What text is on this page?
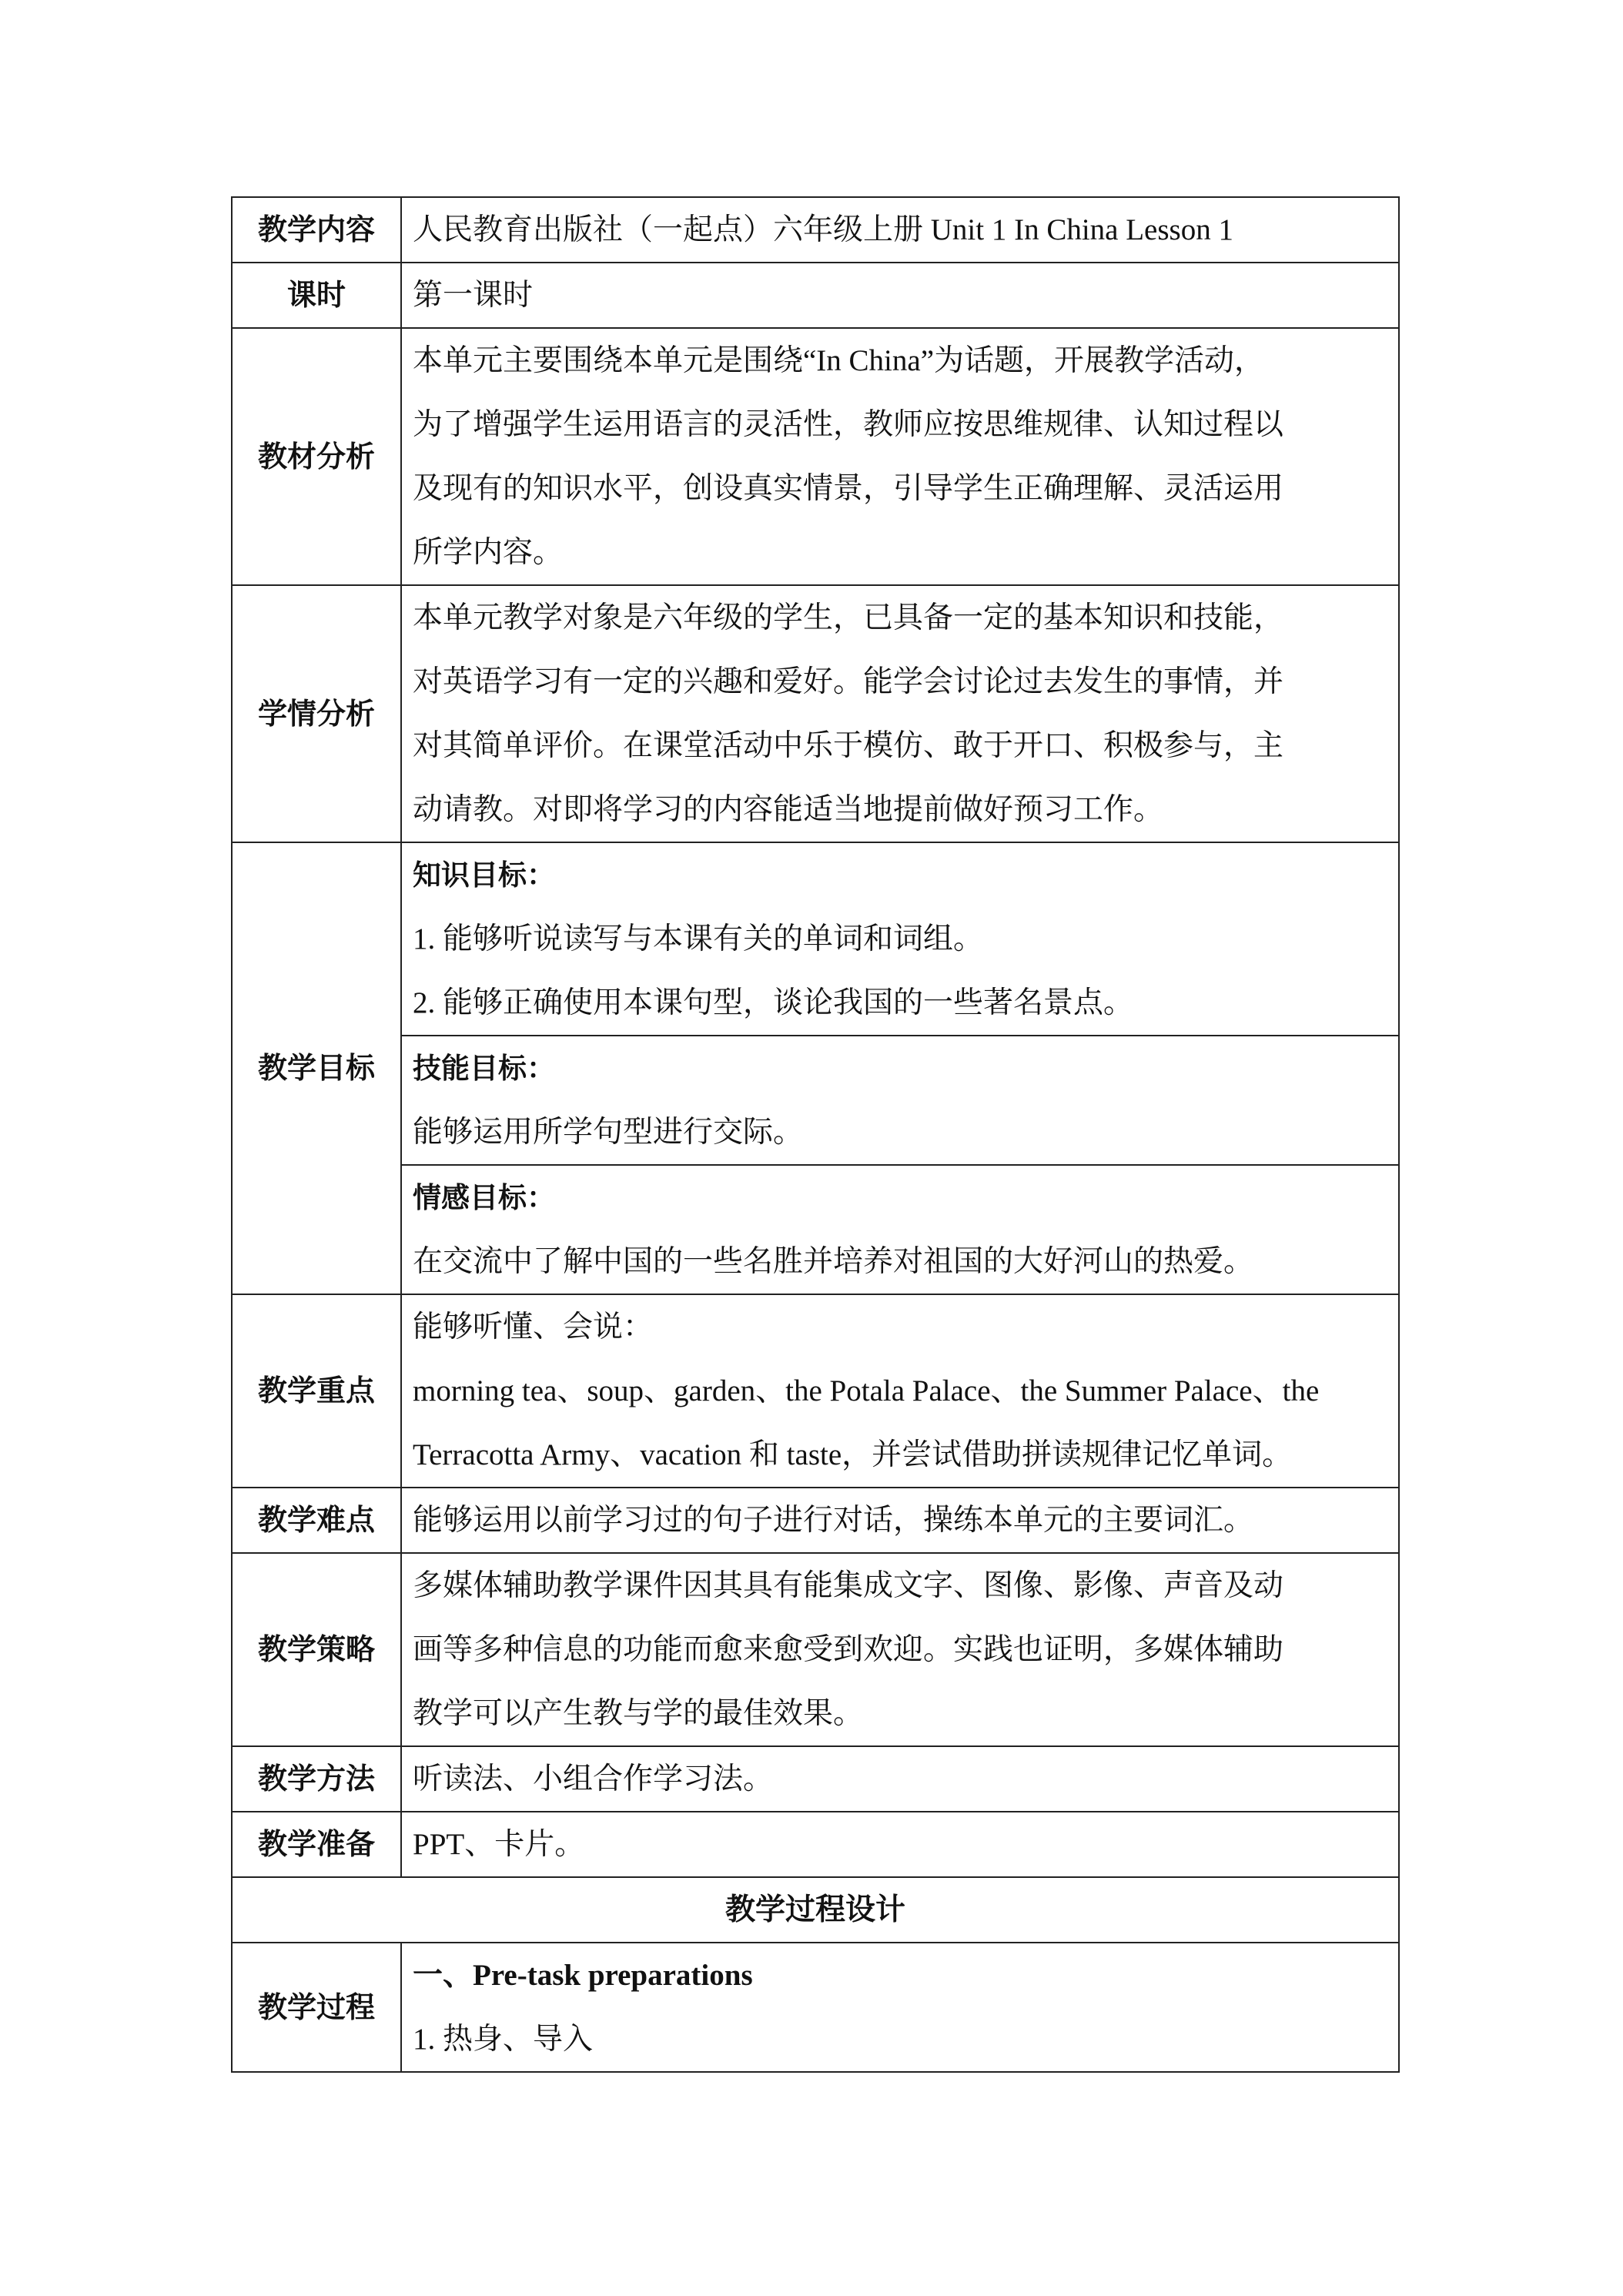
教学内容	人民教育出版社（一起点）六年级上册 Unit 1 In China Lesson 1
课时	第一课时
教材分析	本单元主要围绕本单元是围绕“In China”为话题，开展教学活动，
为了增强学生运用语言的灵活性，教师应按思维规律、认知过程以
及现有的知识水平，创设真实情景，引导学生正确理解、灵活运用
所学内容。

学情分析	本单元教学对象是六年级的学生，已具备一定的基本知识和技能，
对英语学习有一定的兴趣和爱好。能学会讨论过去发生的事情，并
对其简单评价。在课堂活动中乐于模仿、敢于开口、积极参与，主
动请教。对即将学习的内容能适当地提前做好预习工作。

教学目标	知识目标：
1. 能够听说读写与本课有关的单词和词组。
2. 能够正确使用本课句型，谈论我国的一些著名景点。

	技能目标：
能够运用所学句型进行交际。

	情感目标：
在交流中了解中国的一些名胜并培养对祖国的大好河山的热爱。

教学重点	能够听懂、会说：
morning tea、soup、garden、the Potala Palace、the Summer Palace、the
Terracotta Army、vacation 和 taste，并尝试借助拼读规律记忆单词。

教学难点	能够运用以前学习过的句子进行对话，操练本单元的主要词汇。
教学策略	多媒体辅助教学课件因其具有能集成文字、图像、影像、声音及动
画等多种信息的功能而愈来愈受到欢迎。实践也证明，多媒体辅助
教学可以产生教与学的最佳效果。

教学方法	听读法、小组合作学习法。
教学准备	PPT、卡片。
教学过程设计	
教学过程	一、Pre-task preparations
1. 热身、导入
